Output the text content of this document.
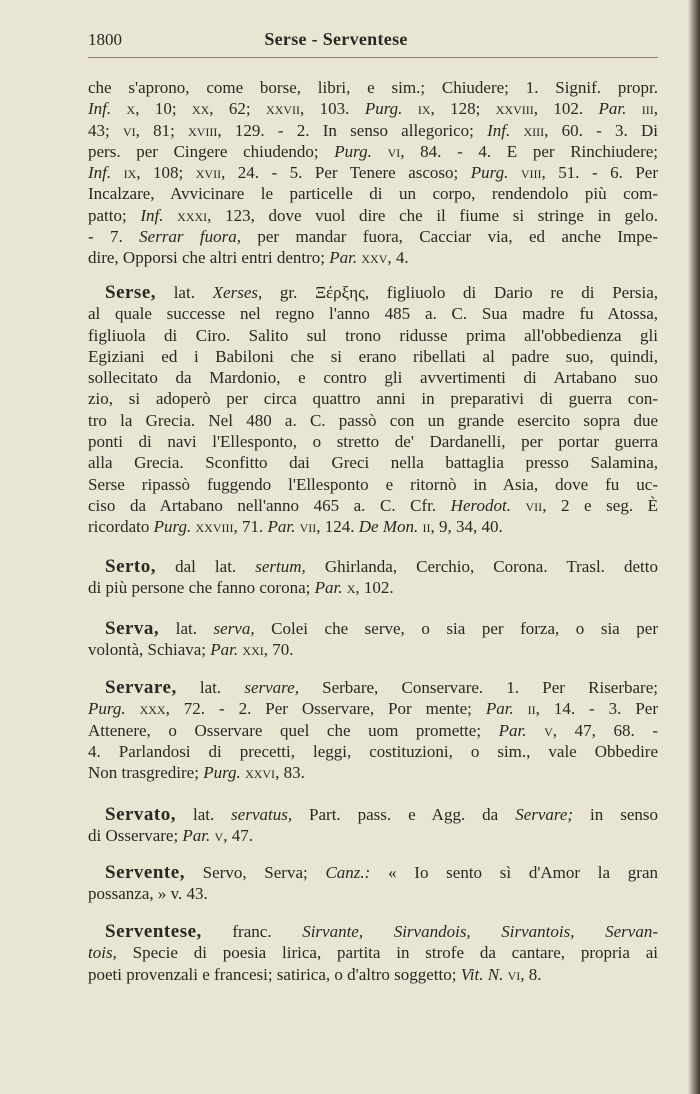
1800	Serse - Serventese
che s'aprono, come borse, libri, e sim.; Chiudere; 1. Signif. propr.
Inf. x, 10; xx, 62; xxvii, 103. Purg. ix, 128; xxviii, 102. Par. iii,
43; vi, 81; xviii, 129. - 2. In senso allegorico; Inf. xiii, 60. - 3. Di
pers. per Cingere chiudendo; Purg. vi, 84. - 4. E per Rinchiudere;
Inf. ix, 108; xvii, 24. - 5. Per Tenere ascoso; Purg. viii, 51. - 6. Per
Incalzare, Avvicinare le particelle di un corpo, rendendolo più com-
patto; Inf. xxxi, 123, dove vuol dire che il fiume si stringe in gelo.
- 7. Serrar fuora, per mandar fuora, Cacciar via, ed anche Impe-
dire, Opporsi che altri entri dentro; Par. xxv, 4.
Serse, lat. Xerses, gr. Ξέρξης, figliuolo di Dario re di Persia,
al quale successe nel regno l'anno 485 a. C. Sua madre fu Atossa,
figliuola di Ciro. Salito sul trono ridusse prima all'obbedienza gli
Egiziani ed i Babiloni che si erano ribellati al padre suo, quindi,
sollecitato da Mardonio, e contro gli avvertimenti di Artabano suo
zio, si adoperò per circa quattro anni in preparativi di guerra con-
tro la Grecia. Nel 480 a. C. passò con un grande esercito sopra due
ponti di navi l'Ellesponto, o stretto de' Dardanelli, per portar guerra
alla Grecia. Sconfitto dai Greci nella battaglia presso Salamina,
Serse ripassò fuggendo l'Ellesponto e ritornò in Asia, dove fu uc-
ciso da Artabano nell'anno 465 a. C. Cfr. Herodot. vii, 2 e seg. È
ricordato Purg. xxviii, 71. Par. vii, 124. De Mon. ii, 9, 34, 40.
Serto, dal lat. sertum, Ghirlanda, Cerchio, Corona. Trasl. detto
di più persone che fanno corona; Par. x, 102.
Serva, lat. serva, Colei che serve, o sia per forza, o sia per
volontà, Schiava; Par. xxi, 70.
Servare, lat. servare, Serbare, Conservare. 1. Per Riserbare;
Purg. xxx, 72. - 2. Per Osservare, Por mente; Par. ii, 14. - 3. Per
Attenere, o Osservare quel che uom promette; Par. v, 47, 68. -
4. Parlandosi di precetti, leggi, costituzioni, o sim., vale Obbedire
Non trasgredire; Purg. xxvi, 83.
Servato, lat. servatus, Part. pass. e Agg. da Servare; in senso
di Osservare; Par. v, 47.
Servente, Servo, Serva; Canz.: « Io sento sì d'Amor la gran
possanza, » v. 43.
Serventese, franc. Sirvante, Sirvandois, Sirvantois, Servan-
tois, Specie di poesia lirica, partita in strofe da cantare, propria ai
poeti provenzali e francesi; satirica, o d'altro soggetto; Vit. N. vi, 8.
